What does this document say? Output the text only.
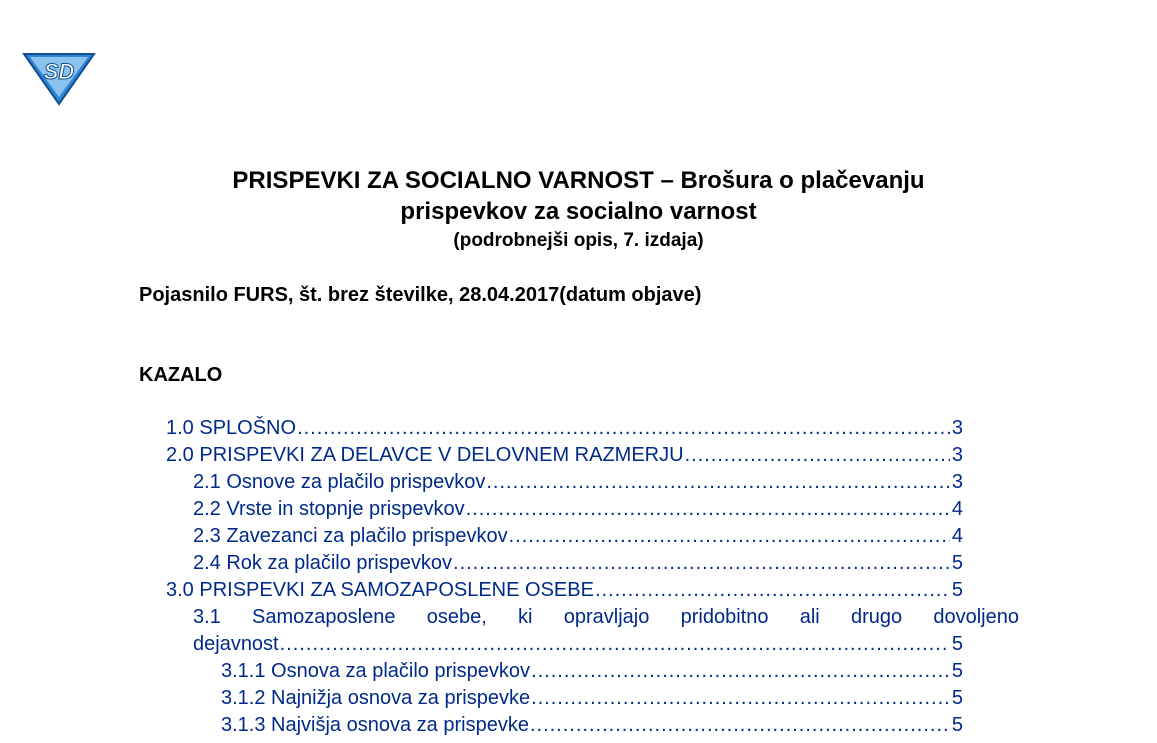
SD
PRISPEVKI ZA SOCIALNO VARNOST – Brošura o plačevanju
prispevkov za socialno varnost
(podrobnejši opis, 7. izdaja)
Pojasnilo FURS, št. brez številke, 28.04.2017(datum objave)
KAZALO
1.0 SPLOŠNO .....	3
2.0 PRISPEVKI ZA DELAVCE V DELOVNEM RAZMERJU .....	3
2.1 Osnove za plačilo prispevkov .....	3
2.2 Vrste in stopnje prispevkov .....	4
2.3 Zavezanci za plačilo prispevkov .....	4
2.4 Rok za plačilo prispevkov .....	5
3.0 PRISPEVKI ZA SAMOZAPOSLENE OSEBE .....	5
3.1 Samozaposlene osebe, ki opravljajo pridobitno ali drugo dovoljeno
dejavnost .....	5
3.1.1 Osnova za plačilo prispevkov .....	5
3.1.2 Najnižja osnova za prispevke .....	5
3.1.3 Najvišja osnova za prispevke .....	5
